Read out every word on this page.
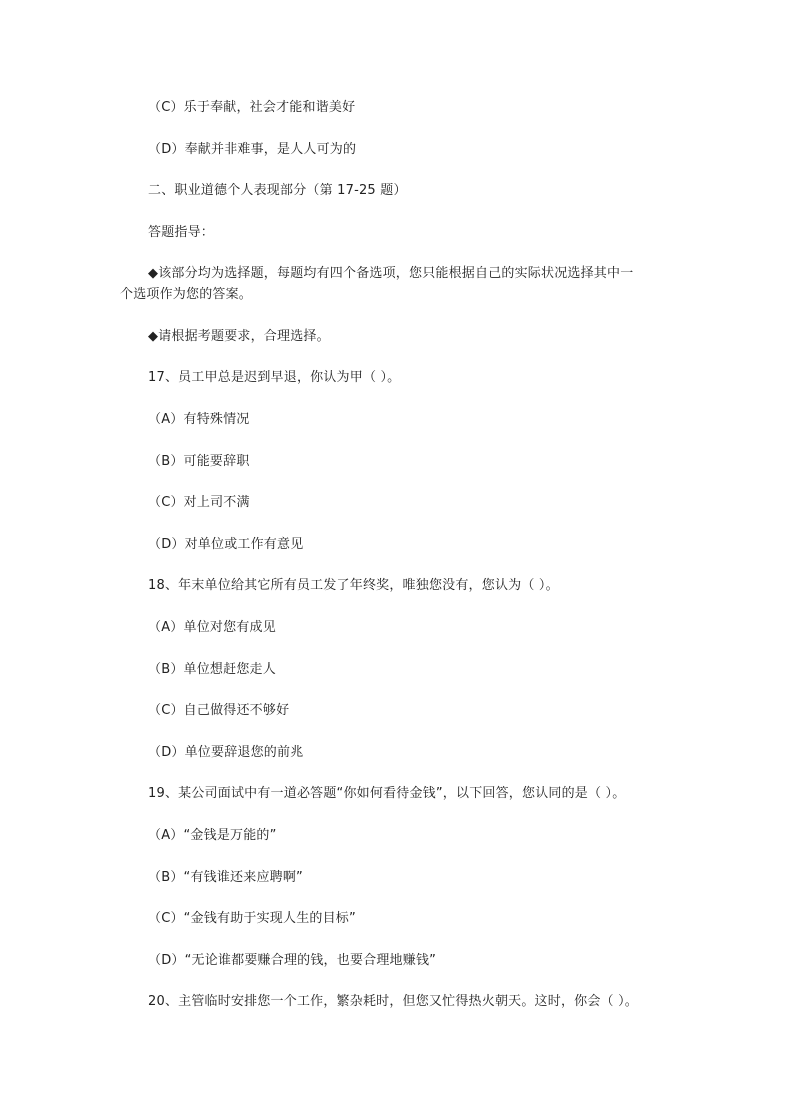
（C）乐于奉献，社会才能和谐美好
（D）奉献并非难事，是人人可为的
二、职业道德个人表现部分（第 17-25 题）
答题指导：
◆该部分均为选择题，每题均有四个备选项，您只能根据自己的实际状况选择其中一
个选项作为您的答案。
◆请根据考题要求，合理选择。
17、员工甲总是迟到早退，你认为甲（ ）。
（A）有特殊情况
（B）可能要辞职
（C）对上司不满
（D）对单位或工作有意见
18、年末单位给其它所有员工发了年终奖，唯独您没有，您认为（ ）。
（A）单位对您有成见
（B）单位想赶您走人
（C）自己做得还不够好
（D）单位要辞退您的前兆
19、某公司面试中有一道必答题“你如何看待金钱”，以下回答，您认同的是（ ）。
（A）“金钱是万能的”
（B）“有钱谁还来应聘啊”
（C）“金钱有助于实现人生的目标”
（D）“无论谁都要赚合理的钱，也要合理地赚钱”
20、主管临时安排您一个工作，繁杂耗时，但您又忙得热火朝天。这时，你会（ ）。
